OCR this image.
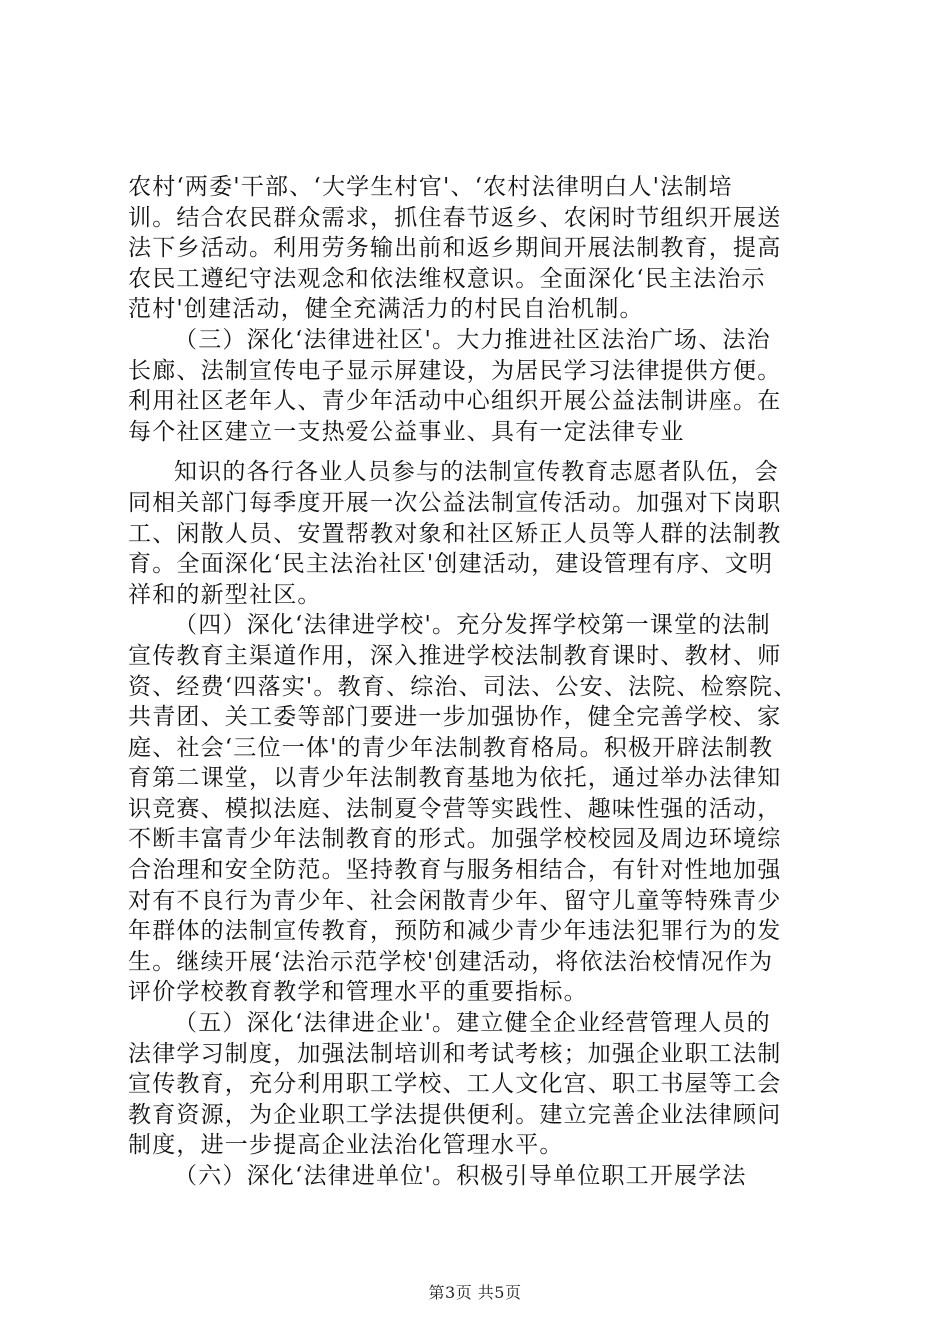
农村‘两委'干部、‘大学生村官'、‘农村法律明白人'法制培
训。结合农民群众需求，抓住春节返乡、农闲时节组织开展送
法下乡活动。利用劳务输出前和返乡期间开展法制教育，提高
农民工遵纪守法观念和依法维权意识。全面深化‘民主法治示
范村'创建活动，健全充满活力的村民自治机制。
（三）深化‘法律进社区'。大力推进社区法治广场、法治
长廊、法制宣传电子显示屏建设，为居民学习法律提供方便。
利用社区老年人、青少年活动中心组织开展公益法制讲座。在
每个社区建立一支热爱公益事业、具有一定法律专业
知识的各行各业人员参与的法制宣传教育志愿者队伍，会
同相关部门每季度开展一次公益法制宣传活动。加强对下岗职
工、闲散人员、安置帮教对象和社区矫正人员等人群的法制教
育。全面深化‘民主法治社区'创建活动，建设管理有序、文明
祥和的新型社区。
（四）深化‘法律进学校'。充分发挥学校第一课堂的法制
宣传教育主渠道作用，深入推进学校法制教育课时、教材、师
资、经费‘四落实'。教育、综治、司法、公安、法院、检察院、
共青团、关工委等部门要进一步加强协作，健全完善学校、家
庭、社会‘三位一体'的青少年法制教育格局。积极开辟法制教
育第二课堂，以青少年法制教育基地为依托，通过举办法律知
识竞赛、模拟法庭、法制夏令营等实践性、趣味性强的活动，
不断丰富青少年法制教育的形式。加强学校校园及周边环境综
合治理和安全防范。坚持教育与服务相结合，有针对性地加强
对有不良行为青少年、社会闲散青少年、留守儿童等特殊青少
年群体的法制宣传教育，预防和减少青少年违法犯罪行为的发
生。继续开展‘法治示范学校'创建活动，将依法治校情况作为
评价学校教育教学和管理水平的重要指标。
（五）深化‘法律进企业'。建立健全企业经营管理人员的
法律学习制度，加强法制培训和考试考核；加强企业职工法制
宣传教育，充分利用职工学校、工人文化宫、职工书屋等工会
教育资源，为企业职工学法提供便利。建立完善企业法律顾问
制度，进一步提高企业法治化管理水平。
（六）深化‘法律进单位'。积极引导单位职工开展学法
第3页 共5页
